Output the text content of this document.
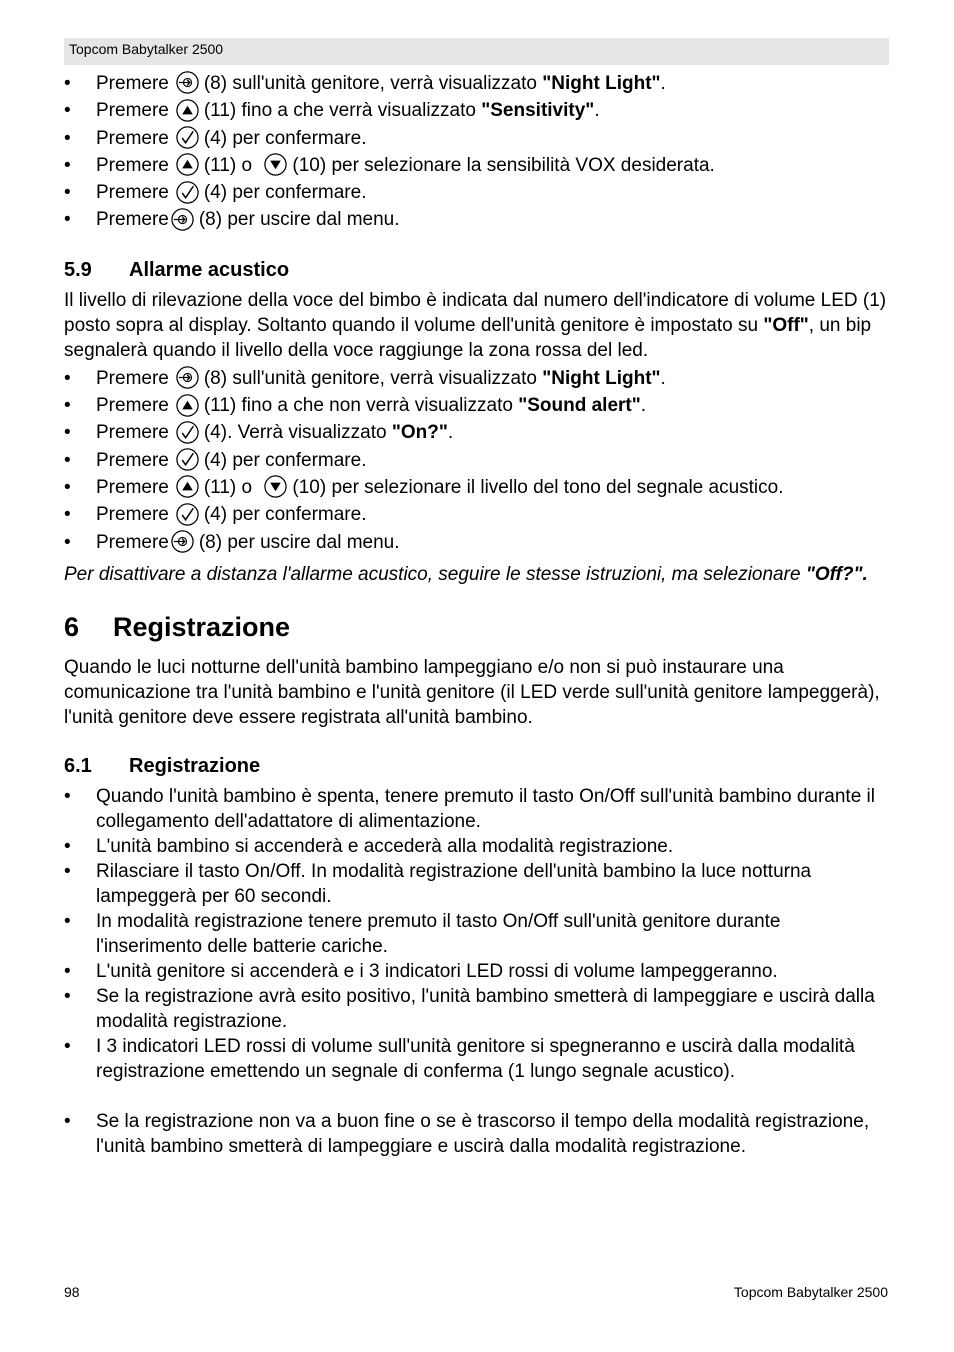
Topcom Babytalker 2500
• Premere (8) sull'unità genitore, verrà visualizzato "Night Light".
• Premere (11) fino a che verrà visualizzato "Sensitivity".
• Premere (4) per confermare.
• Premere (11) o
(10) per selezionare la sensibilità VOX desiderata.
• Premere (4) per confermare.
• Premere (8) per uscire dal menu.
5.9 Allarme acustico

Il livello di rilevazione della voce del bimbo è indicata dal numero dell'indicatore di volume LED (1) posto sopra al display. Soltanto quando il volume dell'unità genitore è impostato su "Off", un bip segnalerà quando il livello della voce raggiunge la zona rossa del led.

• Premere (8) sull'unità genitore, verrà visualizzato "Night Light".
• Premere (11) fino a che non verrà visualizzato "Sound alert".
• Premere (4). Verrà visualizzato "On?".
• Premere (4) per confermare.
• Premere (11) o
(10) per selezionare il livello del tono del segnale acustico.
• Premere (4) per confermare.
• Premere (8) per uscire dal menu.

Per disattivare a distanza l'allarme acustico, seguire le stesse istruzioni, ma selezionare "Off?".

6 Registrazione

Quando le luci notturne dell'unità bambino lampeggiano e/o non si può instaurare una comunicazione tra l'unità bambino e l'unità genitore (il LED verde sull'unità genitore lampeggerà), l'unità genitore deve essere registrata all'unità bambino.

6.1 Registrazione
• Quando l'unità bambino è spenta, tenere premuto il tasto On/Off sull'unità bambino durante il collegamento dell'adattatore di alimentazione.
• L'unità bambino si accenderà e accederà alla modalità registrazione.
• Rilasciare il tasto On/Off. In modalità registrazione dell'unità bambino la luce notturna lampeggerà per 60 secondi.
• In modalità registrazione tenere premuto il tasto On/Off sull'unità genitore durante l'inserimento delle batterie cariche.
• L'unità genitore si accenderà e i 3 indicatori LED rossi di volume lampeggeranno.
• Se la registrazione avrà esito positivo, l'unità bambino smetterà di lampeggiare e uscirà dalla modalità registrazione.
• I 3 indicatori LED rossi di volume sull'unità genitore si spegneranno e uscirà dalla modalità registrazione emettendo un segnale di conferma (1 lungo segnale acustico).
• Se la registrazione non va a buon fine o se è trascorso il tempo della modalità registrazione, l'unità bambino smetterà di lampeggiare e uscirà dalla modalità registrazione.
98	Topcom Babytalker 2500
